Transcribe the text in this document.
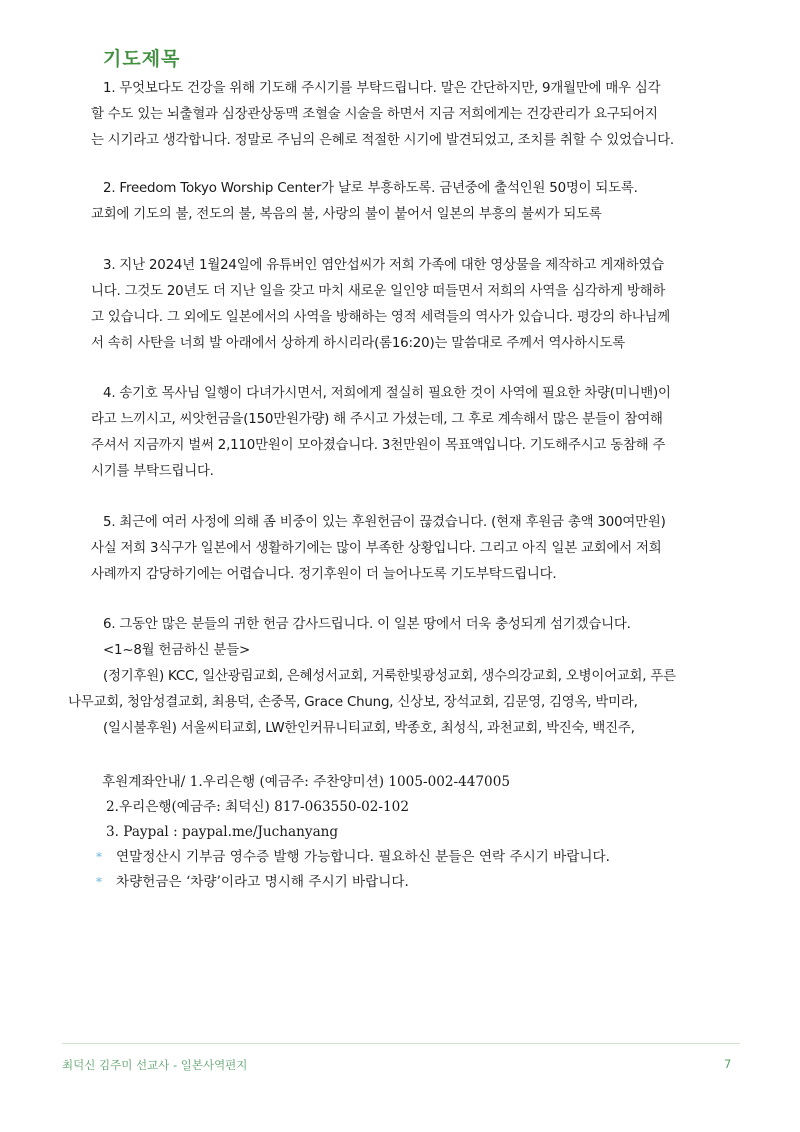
기도제목
1. 무엇보다도 건강을 위해 기도해 주시기를 부탁드립니다. 말은 간단하지만, 9개월만에 매우 심각
할 수도 있는 뇌출혈과 심장관상동맥 조혈술 시술을 하면서 지금 저희에게는 건강관리가 요구되어지
는 시기라고 생각합니다. 정말로 주님의 은혜로 적절한 시기에 발견되었고, 조치를 취할 수 있었습니다.
2. Freedom Tokyo Worship Center가 날로 부흥하도록. 금년중에 출석인원 50명이 되도록.
교회에 기도의 불, 전도의 불, 복음의 불, 사랑의 불이 붙어서 일본의 부흥의 불씨가 되도록
3. 지난 2024년 1월24일에 유튜버인 염안섭씨가 저희 가족에 대한 영상물을 제작하고 게재하였습
니다. 그것도 20년도 더 지난 일을 갖고 마치 새로운 일인양 떠들면서 저희의 사역을 심각하게 방해하
고 있습니다. 그 외에도 일본에서의 사역을 방해하는 영적 세력들의 역사가 있습니다. 평강의 하나님께
서 속히 사탄을 너희 발 아래에서 상하게 하시리라(롬16:20)는 말씀대로 주께서 역사하시도록
4. 송기호 목사님 일행이 다녀가시면서, 저희에게 절실히 필요한 것이 사역에 필요한 차량(미니밴)이
라고 느끼시고, 씨앗헌금을(150만원가량) 해 주시고 가셨는데, 그 후로 계속해서 많은 분들이 참여해
주셔서 지금까지 벌써 2,110만원이 모아졌습니다. 3천만원이 목표액입니다. 기도해주시고 동참해 주
시기를 부탁드립니다.
5. 최근에 여러 사정에 의해 좀 비중이 있는 후원헌금이 끊겼습니다. (현재 후원금 총액 300여만원)
사실 저희 3식구가 일본에서 생활하기에는 많이 부족한 상황입니다. 그리고 아직 일본 교회에서 저희
사례까지 감당하기에는 어렵습니다. 정기후원이 더 늘어나도록 기도부탁드립니다.
6. 그동안 많은 분들의 귀한 헌금 감사드립니다. 이 일본 땅에서 더욱 충성되게 섬기겠습니다.
<1~8월 헌금하신 분들>
(정기후원) KCC, 일산광림교회, 은혜성서교회, 거룩한빛광성교회, 생수의강교회, 오병이어교회, 푸른
나무교회, 청암성결교회, 최용덕, 손중목, Grace Chung, 신상보, 장석교회, 김문영, 김영옥, 박미라,
(일시불후원) 서울씨티교회, LW한인커뮤니티교회, 박종호, 최성식, 과천교회, 박진숙, 백진주,
후원계좌안내/ 1.우리은행 (예금주: 주찬양미션) 1005-002-447005
2.우리은행(예금주: 최덕신) 817-063550-02-102
3. Paypal : paypal.me/Juchanyang
* 연말정산시 기부금 영수증 발행 가능합니다. 필요하신 분들은 연락 주시기 바랍니다.
* 차량헌금은 ‘차량’이라고 명시해 주시기 바랍니다.
최덕신 김주미 선교사 - 일본사역편지	7
